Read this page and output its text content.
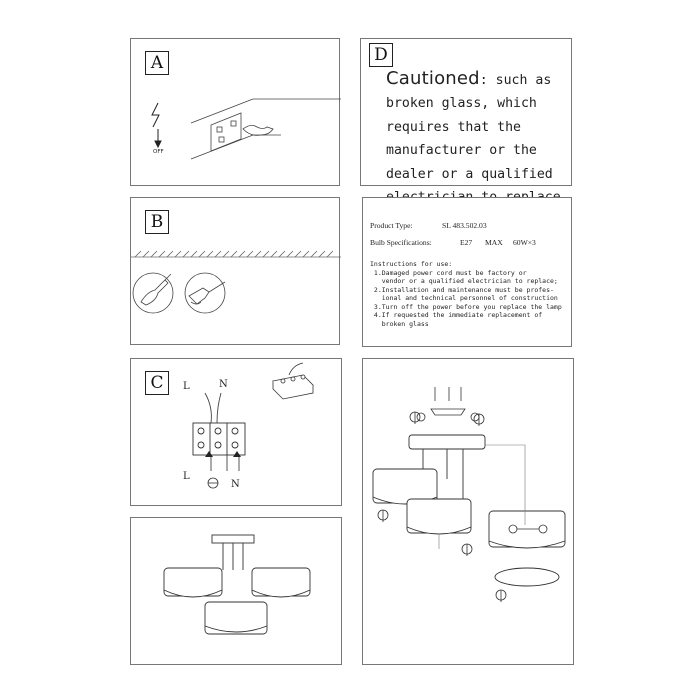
A
OFF
D
Cautioned: such as
broken glass, which
requires that the
manufacturer or the
dealer or a qualified

B	Product Type:	SL 483.502.03
Bulb Specifications:	E27 MAX 60W×3
Instructions for use:
1.Damaged power cord must be factory or
vendor or a qualified electrician to replace;
2.Installation and maintenance must be profes-
ional and technical personnel of construction
3.Turn off the power before you replace the lamp
4.If requested the immediate replacement of
broken glass
C	L	N
L
N
